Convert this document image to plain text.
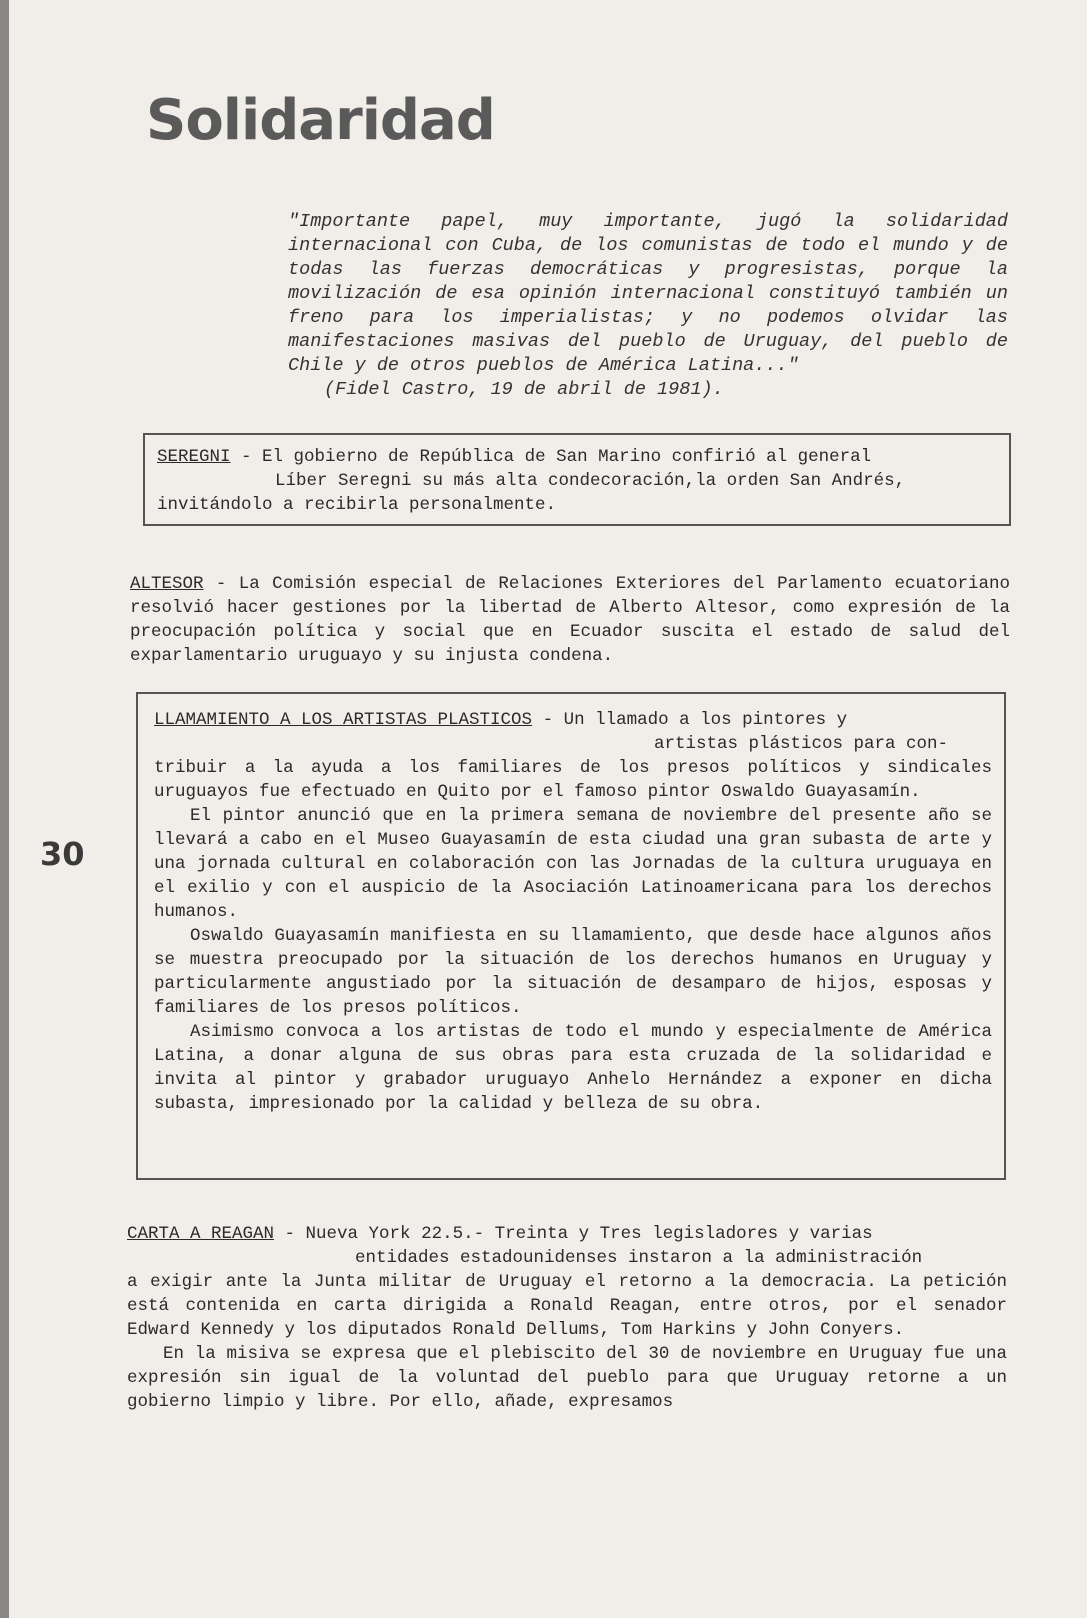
Solidaridad
"Importante papel, muy importante, jugó la solidaridad internacional con Cuba, de los comunistas de todo el mundo y de todas las fuerzas democráticas y progresistas, porque la movilización de esa opinión internacional constituyó también un freno para los imperialistas; y no podemos olvidar las manifestaciones masivas del pueblo de Uruguay, del pueblo de Chile y de otros pueblos de América Latina..."
(Fidel Castro, 19 de abril de 1981).

SEREGNI - El gobierno de República de San Marino confirió al general
Líber Seregni su más alta condecoración,la orden San Andrés,
invitándolo a recibirla personalmente.

ALTESOR - La Comisión especial de Relaciones Exteriores del Parlamento ecuatoriano resolvió hacer gestiones por la libertad de Alberto Altesor, como expresión de la preocupación política y social que en Ecuador suscita el estado de salud del exparlamentario uruguayo y su injusta condena.

LLAMAMIENTO A LOS ARTISTAS PLASTICOS - Un llamado a los pintores y
artistas plásticos para con-
tribuir a la ayuda a los familiares de los presos políticos y sindicales uruguayos fue efectuado en Quito por el famoso pintor Oswaldo Guayasamín.

El pintor anunció que en la primera semana de noviembre del presente año se llevará a cabo en el Museo Guayasamín de esta ciudad una gran subasta de arte y una jornada cultural en colaboración con las Jornadas de la cultura uruguaya en el exilio y con el auspicio de la Asociación Latinoamericana para los derechos humanos.

Oswaldo Guayasamín manifiesta en su llamamiento, que desde hace algunos años se muestra preocupado por la situación de los derechos humanos en Uruguay y particularmente angustiado por la situación de desamparo de hijos, esposas y familiares de los presos políticos.

Asimismo convoca a los artistas de todo el mundo y especialmente de América Latina, a donar alguna de sus obras para esta cruzada de la solidaridad e invita al pintor y grabador uruguayo Anhelo Hernández a exponer en dicha subasta, impresionado por la calidad y belleza de su obra.

30

CARTA A REAGAN - Nueva York 22.5.- Treinta y Tres legisladores y varias
entidades estadounidenses instaron a la administración
a exigir ante la Junta militar de Uruguay el retorno a la democracia. La petición está contenida en carta dirigida a Ronald Reagan, entre otros, por el senador Edward Kennedy y los diputados Ronald Dellums, Tom Harkins y John Conyers.

En la misiva se expresa que el plebiscito del 30 de noviembre en Uruguay fue una expresión sin igual de la voluntad del pueblo para que Uruguay retorne a un gobierno limpio y libre. Por ello, añade, expresamos
